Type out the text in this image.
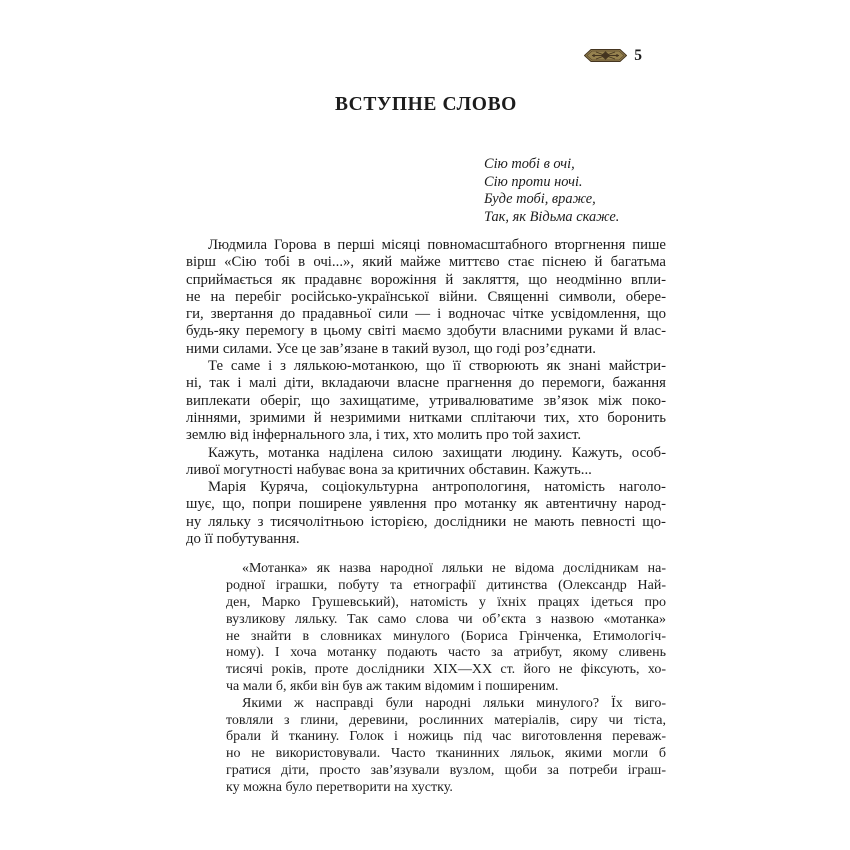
5
ВСТУПНЕ СЛОВО
Сію тобі в очі,
Сію проти ночі.
Буде тобі, враже,
Так, як Відьма скаже.
Людмила Горова в перші місяці повномасштабного вторгнення пише
вірш «Сію тобі в очі...», який майже миттєво стає піснею й багатьма
сприймається як прадавнє ворожіння й закляття, що неодмінно впли-
не на перебіг російсько-української війни. Священні символи, обере-
ги, звертання до прадавньої сили — і водночас чітке усвідомлення, що
будь-яку перемогу в цьому світі маємо здобути власними руками й влас-
ними силами. Усе це зав’язане в такий вузол, що годі роз’єднати.
Те саме і з лялькою-мотанкою, що її створюють як знані майстри-
ні, так і малі діти, вкладаючи власне прагнення до перемоги, бажання
виплекати оберіг, що захищатиме, утривалюватиме зв’язок між поко-
ліннями, зримими й незримими нитками сплітаючи тих, хто боронить
землю від інфернального зла, і тих, хто молить про той захист.
Кажуть, мотанка наділена силою захищати людину. Кажуть, особ-
ливої могутності набуває вона за критичних обставин. Кажуть...
Марія Куряча, соціокультурна антропологиня, натомість наголо-
шує, що, попри поширене уявлення про мотанку як автентичну народ-
ну ляльку з тисячолітньою історією, дослідники не мають певності що-
до її побутування.
«Мотанка» як назва народної ляльки не відома дослідникам на-
родної іграшки, побуту та етнографії дитинства (Олександр Най-
ден, Марко Грушевський), натомість у їхніх працях ідеться про
вузликову ляльку. Так само слова чи об’єкта з назвою «мотанка»
не знайти в словниках минулого (Бориса Грінченка, Етимологіч-
ному). І хоча мотанку подають часто за атрибут, якому сливень
тисячі років, проте дослідники XIX—XX ст. його не фіксують, хо-
ча мали б, якби він був аж таким відомим і поширеним.
Якими ж насправді були народні ляльки минулого? Їх виго-
товляли з глини, деревини, рослинних матеріалів, сиру чи тіста,
брали й тканину. Голок і ножиць під час виготовлення переваж-
но не використовували. Часто тканинних ляльок, якими могли б
гратися діти, просто зав’язували вузлом, щоби за потреби іграш-
ку можна було перетворити на хустку.
